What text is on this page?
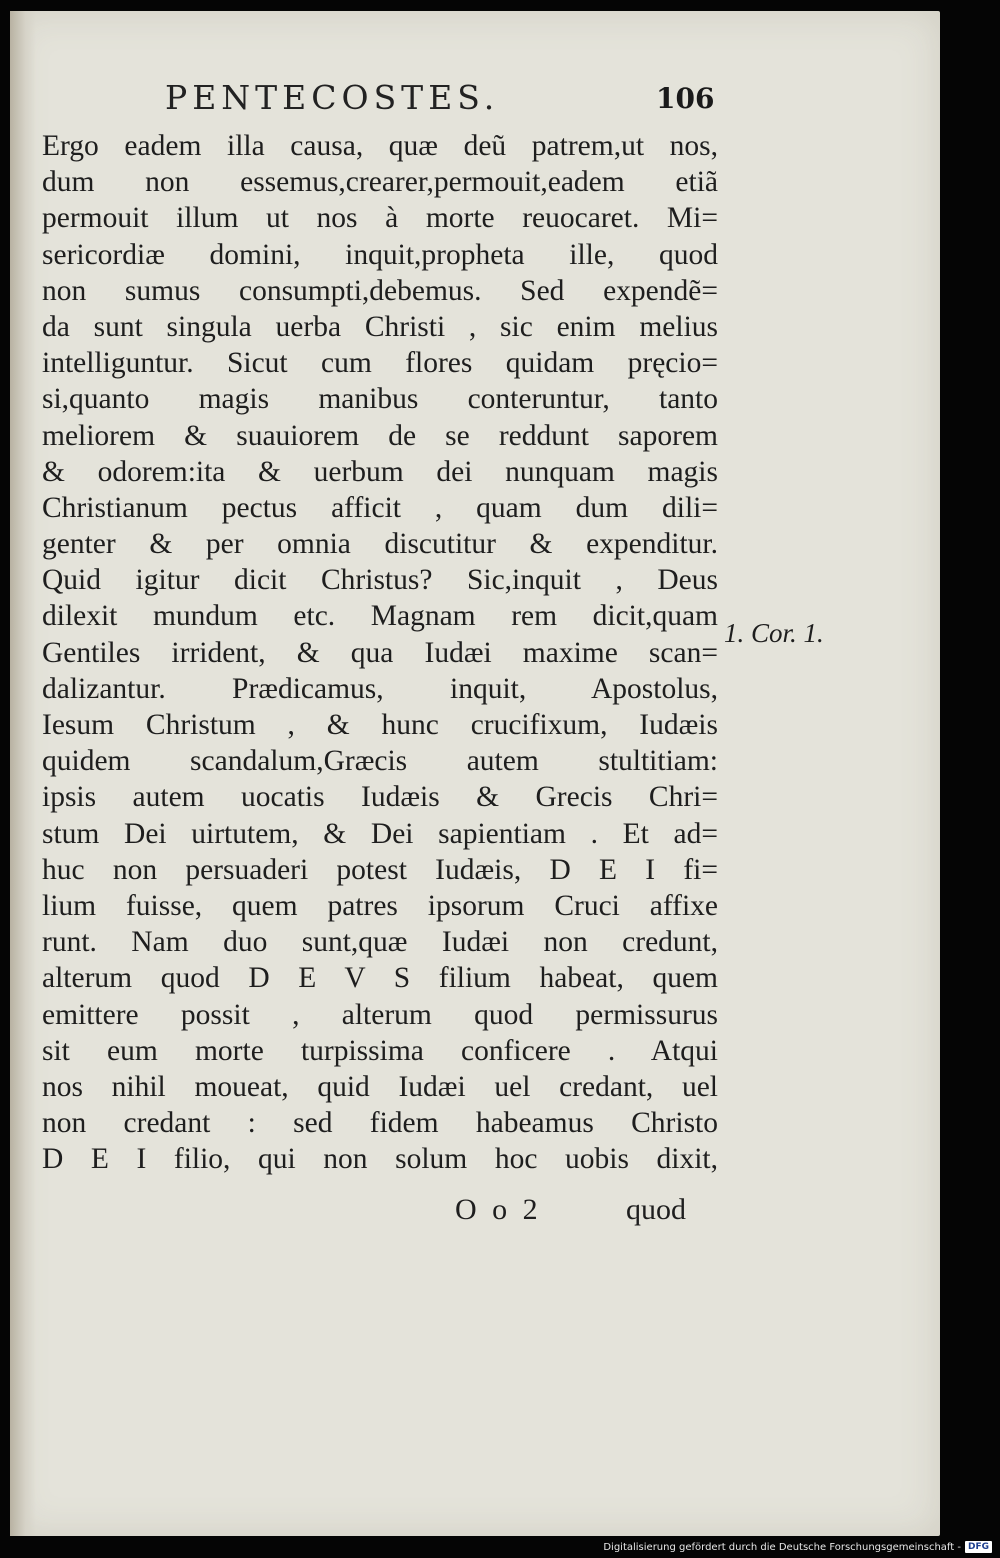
PENTECOSTES.	106
Ergo eadem illa causa, quæ deũ patrem,ut nos,
dum non essemus,crearer,permouit,eadem etiã
permouit illum ut nos à morte reuocaret. Mi=
sericordiæ domini, inquit,propheta ille, quod
non sumus consumpti,debemus. Sed expendẽ=
da sunt singula uerba Christi , sic enim melius
intelliguntur. Sicut cum flores quidam pręcio=
si,quanto magis manibus conteruntur, tanto
meliorem & suauiorem de se reddunt saporem
& odorem:ita & uerbum dei nunquam magis
Christianum pectus afficit , quam dum dili=
genter & per omnia discutitur & expenditur.
Quid igitur dicit Christus? Sic,inquit , Deus
dilexit mundum etc. Magnam rem dicit,quam
Gentiles irrident, & qua Iudæi maxime scan=
dalizantur. Prædicamus, inquit, Apostolus,
Iesum Christum , & hunc crucifixum, Iudæis
quidem scandalum,Græcis autem stultitiam:
ipsis autem uocatis Iudæis & Grecis Chri=
stum Dei uirtutem, & Dei sapientiam . Et ad=
huc non persuaderi potest Iudæis, D E I fi=
lium fuisse, quem patres ipsorum Cruci affixe
runt. Nam duo sunt,quæ Iudæi non credunt,
alterum quod D E V S filium habeat, quem
emittere possit , alterum quod permissurus
sit eum morte turpissima conficere . Atqui
nos nihil moueat, quid Iudæi uel credant, uel
non credant : sed fidem habeamus Christo
D E I filio, qui non solum hoc uobis dixit,
1. Cor. 1.
O o 2	quod
Digitalisierung gefördert durch die Deutsche Forschungsgemeinschaft - DFG
